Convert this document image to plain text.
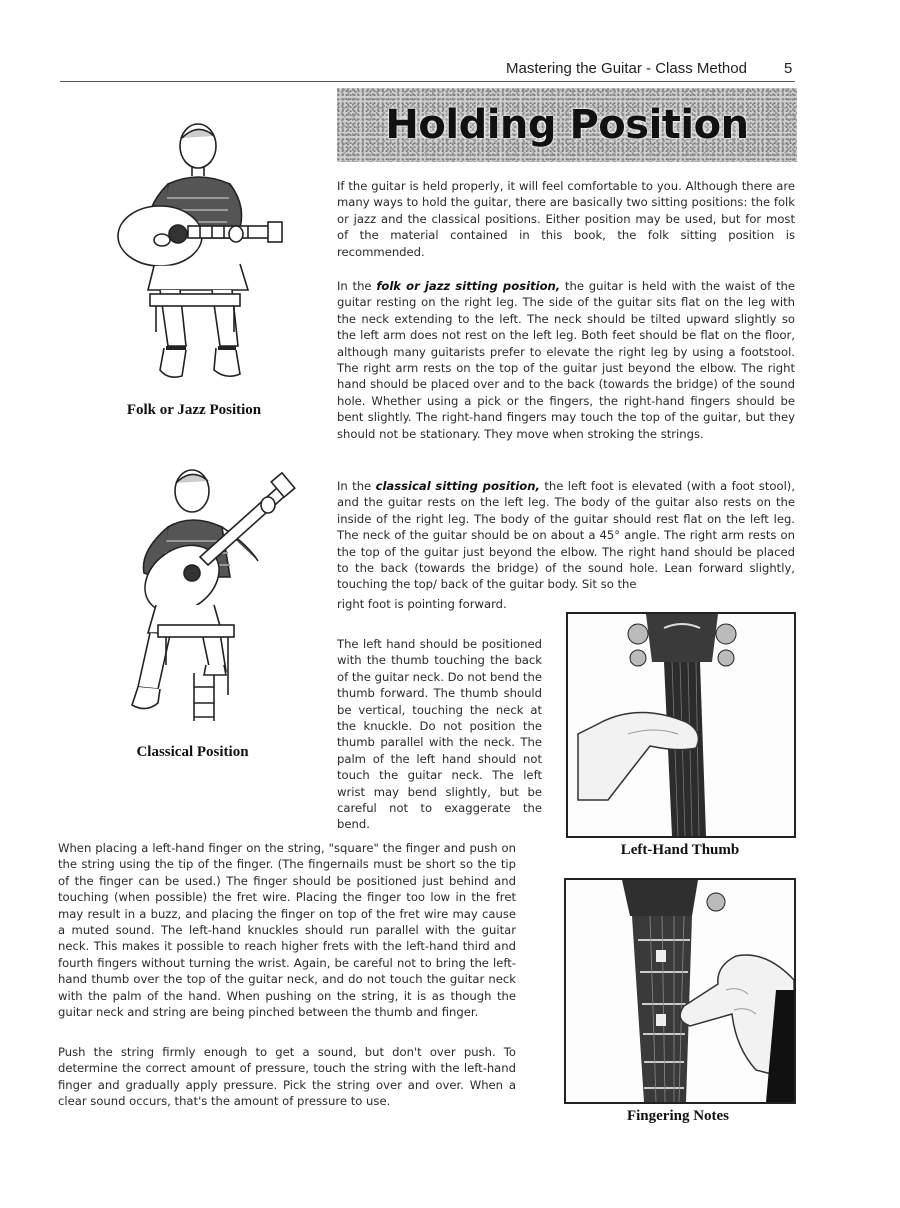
Mastering the Guitar - Class Method 5
Holding Position
Folk or Jazz Position
Classical Position

If the guitar is held properly, it will feel comfortable to you. Although there are many ways to hold the guitar, there are basically two sitting positions: the folk or jazz and the classical positions. Either position may be used, but for most of the material contained in this book, the folk sitting position is recommended.

In the folk or jazz sitting position, the guitar is held with the waist of the guitar resting on the right leg. The side of the guitar sits flat on the leg with the neck extending to the left. The neck should be tilted upward slightly so the left arm does not rest on the left leg. Both feet should be flat on the floor, although many guitarists prefer to elevate the right leg by using a footstool. The right arm rests on the top of the guitar just beyond the elbow. The right hand should be placed over and to the back (towards the bridge) of the sound hole. Whether using a pick or the fingers, the right-hand fingers should be bent slightly. The right-hand fingers may touch the top of the guitar, but they should not be stationary. They move when stroking the strings.

In the classical sitting position, the left foot is elevated (with a foot stool), and the guitar rests on the left leg. The body of the guitar also rests on the inside of the right leg. The body of the guitar should rest flat on the left leg. The neck of the guitar should be on about a 45° angle. The right arm rests on the top of the guitar just beyond the elbow. The right hand should be placed to the back (towards the bridge) of the sound hole. Lean forward slightly, touching the top/ back of the guitar body. Sit so the

right foot is pointing forward.

The left hand should be positioned with the thumb touching the back of the guitar neck. Do not bend the thumb forward. The thumb should be vertical, touching the neck at the knuckle. Do not position the thumb parallel with the neck. The palm of the left hand should not touch the guitar neck. The left wrist may bend slightly, but be careful not to exaggerate the bend.

Left-Hand Thumb

When placing a left-hand finger on the string, "square" the finger and push on the string using the tip of the finger. (The fingernails must be short so the tip of the finger can be used.) The finger should be positioned just behind and touching (when possible) the fret wire. Placing the finger too low in the fret may result in a buzz, and placing the finger on top of the fret wire may cause a muted sound. The left-hand knuckles should run parallel with the guitar neck. This makes it possible to reach higher frets with the left-hand third and fourth fingers without turning the wrist. Again, be careful not to bring the left-hand thumb over the top of the guitar neck, and do not touch the guitar neck with the palm of the hand. When pushing on the string, it is as though the guitar neck and string are being pinched between the thumb and finger.

Push the string firmly enough to get a sound, but don't over push. To determine the correct amount of pressure, touch the string with the left-hand finger and gradually apply pressure. Pick the string over and over. When a clear sound occurs, that's the amount of pressure to use.

Fingering Notes
